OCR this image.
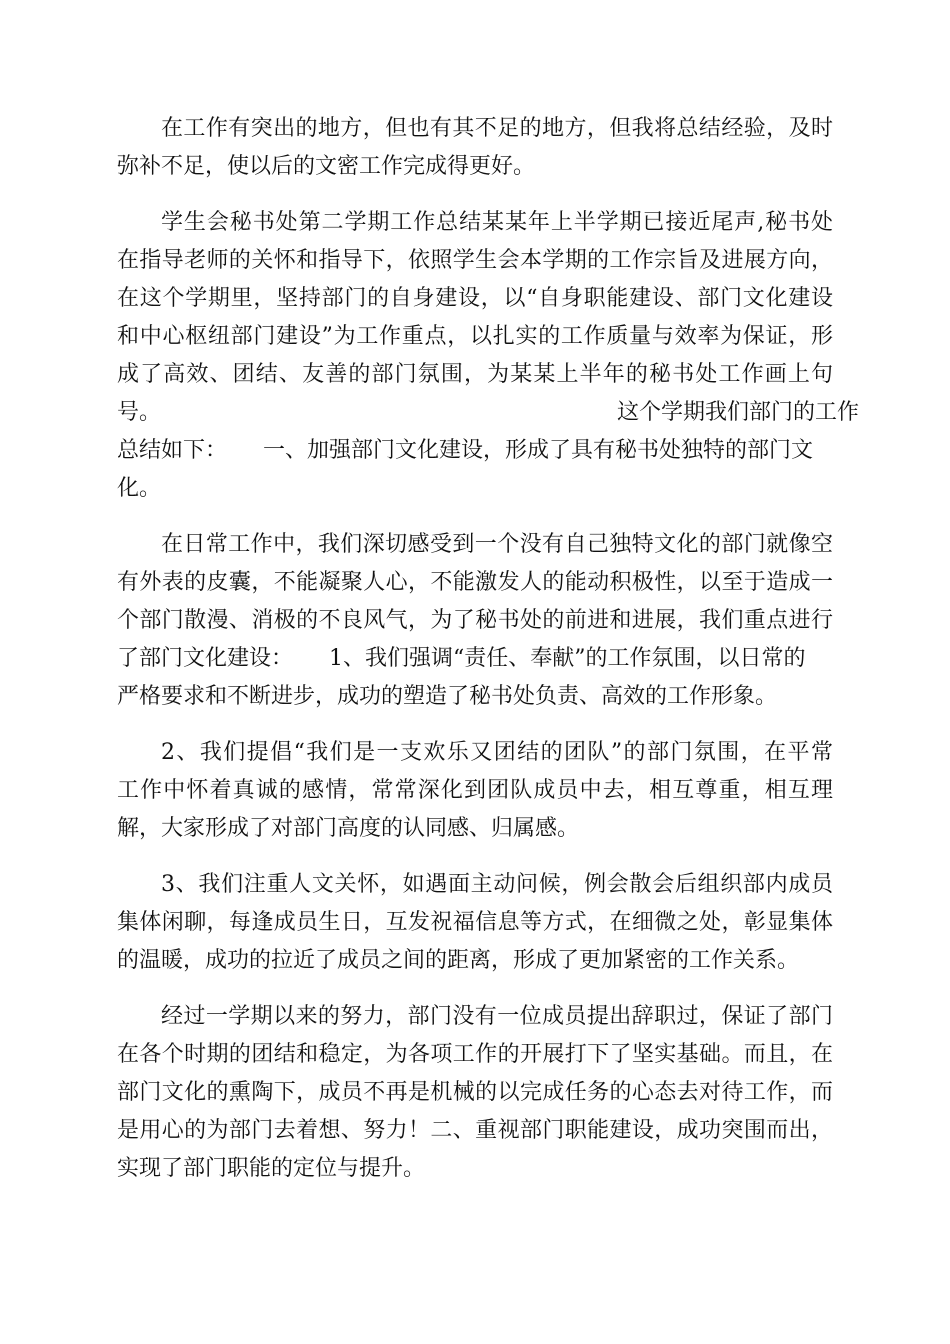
在工作有突出的地方，但也有其不足的地方，但我将总结经验，及时
弥补不足，使以后的文密工作完成得更好。
学生会秘书处第二学期工作总结某某年上半学期已接近尾声,秘书处
在指导老师的关怀和指导下，依照学生会本学期的工作宗旨及进展方向，
在这个学期里，坚持部门的自身建设，以“自身职能建设、部门文化建设
和中心枢纽部门建设”为工作重点，以扎实的工作质量与效率为保证，形
成了高效、团结、友善的部门氛围，为某某上半年的秘书处工作画上句
号。	这个学期我们部门的工作
总结如下： 一、加强部门文化建设，形成了具有秘书处独特的部门文
化。
在日常工作中，我们深切感受到一个没有自己独特文化的部门就像空
有外表的皮囊，不能凝聚人心，不能激发人的能动积极性，以至于造成一
个部门散漫、消极的不良风气，为了秘书处的前进和进展，我们重点进行
了部门文化建设： 1、我们强调“责任、奉献”的工作氛围，以日常的
严格要求和不断进步，成功的塑造了秘书处负责、高效的工作形象。
2、我们提倡“我们是一支欢乐又团结的团队”的部门氛围，在平常
工作中怀着真诚的感情，常常深化到团队成员中去，相互尊重，相互理
解，大家形成了对部门高度的认同感、归属感。
3、我们注重人文关怀，如遇面主动问候，例会散会后组织部内成员
集体闲聊，每逢成员生日，互发祝福信息等方式，在细微之处，彰显集体
的温暖，成功的拉近了成员之间的距离，形成了更加紧密的工作关系。
经过一学期以来的努力，部门没有一位成员提出辞职过，保证了部门
在各个时期的团结和稳定，为各项工作的开展打下了坚实基础。而且，在
部门文化的熏陶下，成员不再是机械的以完成任务的心态去对待工作，而
是用心的为部门去着想、努力！二、重视部门职能建设，成功突围而出，
实现了部门职能的定位与提升。
